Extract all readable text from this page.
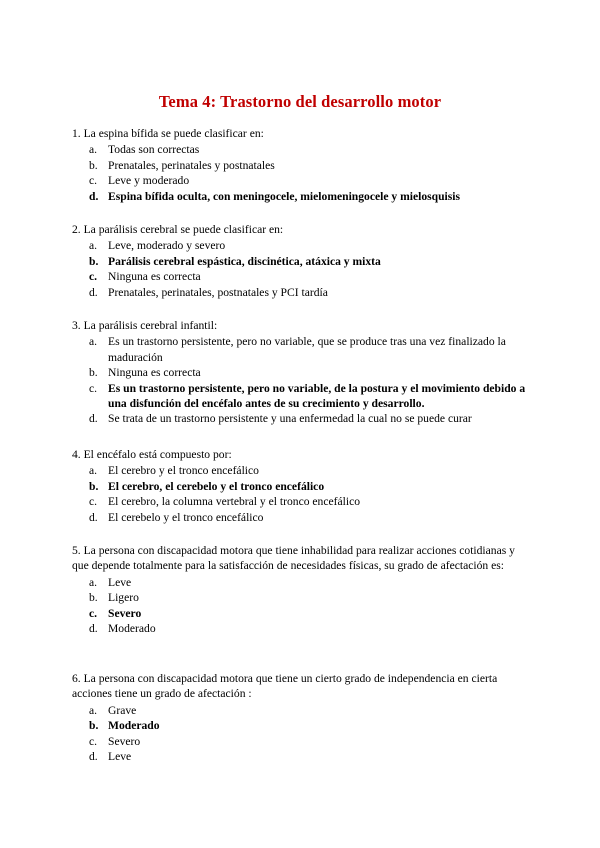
Tema 4: Trastorno del desarrollo motor

1. La espina bífida se puede clasificar en:

a. Todas son correctas
b. Prenatales, perinatales y postnatales
c. Leve y moderado
d. Espina bífida oculta, con meningocele, mielomeningocele y mielosquisis

2. La parálisis cerebral se puede clasificar en:

a. Leve, moderado y severo
b. Parálisis cerebral espástica, discinética, atáxica y mixta
c. Ninguna es correcta
d. Prenatales, perinatales, postnatales y PCI tardía

3. La parálisis cerebral infantil:

a. Es un trastorno persistente, pero no variable, que se produce tras una vez finalizado la maduración
b. Ninguna es correcta
c. Es un trastorno persistente, pero no variable, de la postura y el movimiento debido a una disfunción del encéfalo antes de su crecimiento y desarrollo.
d. Se trata de un trastorno persistente y una enfermedad la cual no se puede curar

4. El encéfalo está compuesto por:

a. El cerebro y el tronco encefálico
b. El cerebro, el cerebelo y el tronco encefálico
c. El cerebro, la columna vertebral y el tronco encefálico
d. El cerebelo y el tronco encefálico

5. La persona con discapacidad motora que tiene inhabilidad para realizar acciones cotidianas y que depende totalmente para la satisfacción de necesidades físicas, su grado de afectación es:

a. Leve
b. Ligero
c. Severo
d. Moderado

6. La persona con discapacidad motora que tiene un cierto grado de independencia en cierta acciones tiene un grado de afectación :

a. Grave
b. Moderado
c. Severo
d. Leve
